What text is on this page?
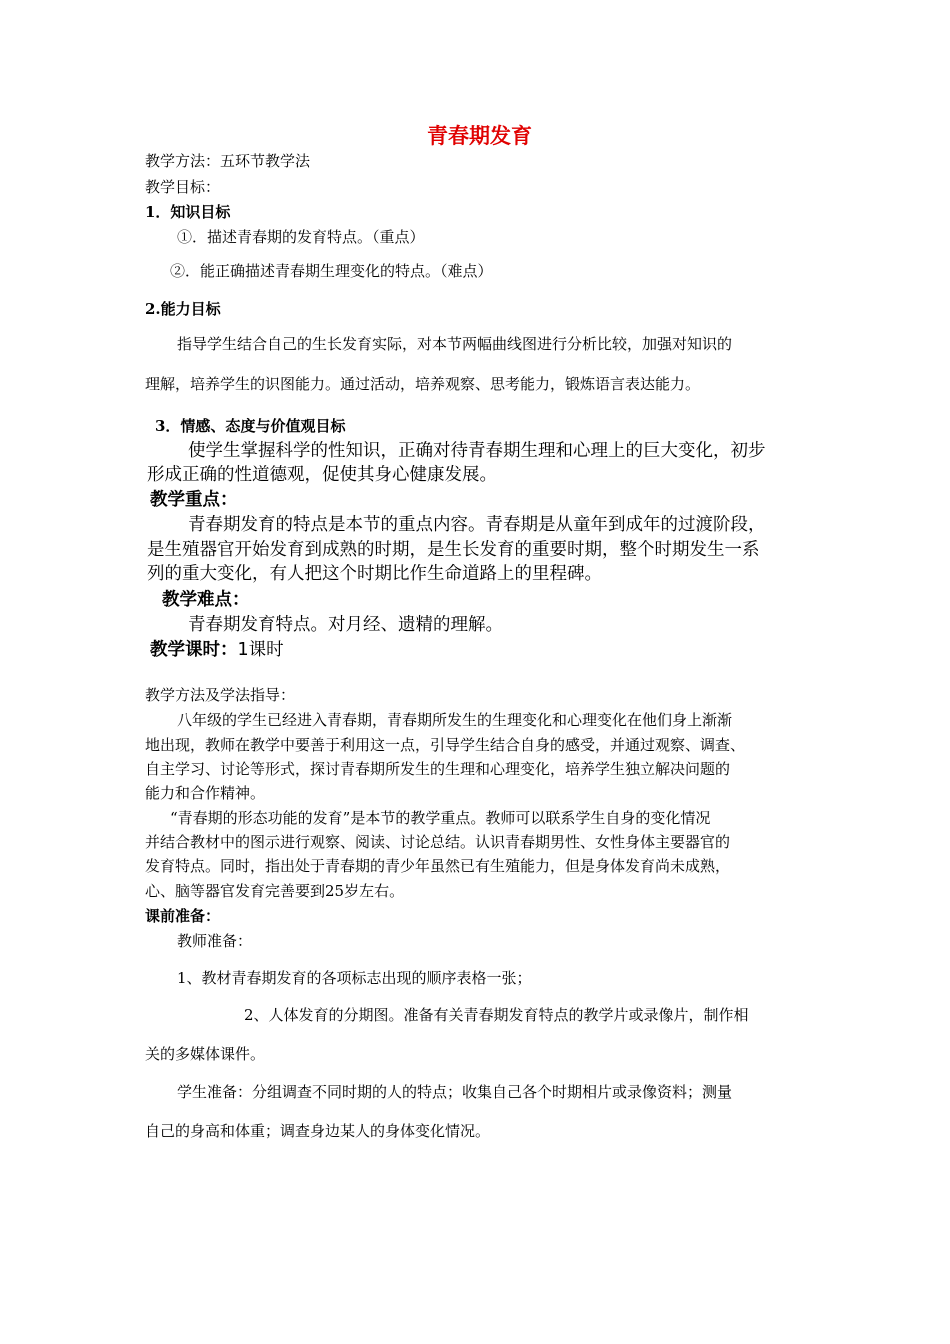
青春期发育
教学方法：五环节教学法
教学目标：
1．知识目标
①．描述青春期的发育特点。（重点）
②．能正确描述青春期生理变化的特点。（难点）
2.能力目标
指导学生结合自己的生长发育实际，对本节两幅曲线图进行分析比较，加强对知识的
理解，培养学生的识图能力。通过活动，培养观察、思考能力，锻炼语言表达能力。
3．情感、态度与价值观目标
使学生掌握科学的性知识，正确对待青春期生理和心理上的巨大变化，初步
形成正确的性道德观，促使其身心健康发展。
教学重点：
青春期发育的特点是本节的重点内容。青春期是从童年到成年的过渡阶段，
是生殖器官开始发育到成熟的时期，是生长发育的重要时期，整个时期发生一系
列的重大变化，有人把这个时期比作生命道路上的里程碑。
教学难点：
青春期发育特点。对月经、遗精的理解。
教学课时：1课时
教学方法及学法指导：
八年级的学生已经进入青春期，青春期所发生的生理变化和心理变化在他们身上渐渐
地出现，教师在教学中要善于利用这一点，引导学生结合自身的感受，并通过观察、调查、
自主学习、讨论等形式，探讨青春期所发生的生理和心理变化，培养学生独立解决问题的
能力和合作精神。
“青春期的形态功能的发育”是本节的教学重点。教师可以联系学生自身的变化情况
并结合教材中的图示进行观察、阅读、讨论总结。认识青春期男性、女性身体主要器官的
发育特点。同时，指出处于青春期的青少年虽然已有生殖能力，但是身体发育尚未成熟，
心、脑等器官发育完善要到25岁左右。
课前准备：
教师准备：
1、教材青春期发育的各项标志出现的顺序表格一张；
2、人体发育的分期图。准备有关青春期发育特点的教学片或录像片，制作相
关的多媒体课件。
学生准备：分组调查不同时期的人的特点；收集自己各个时期相片或录像资料；测量
自己的身高和体重；调查身边某人的身体变化情况。
